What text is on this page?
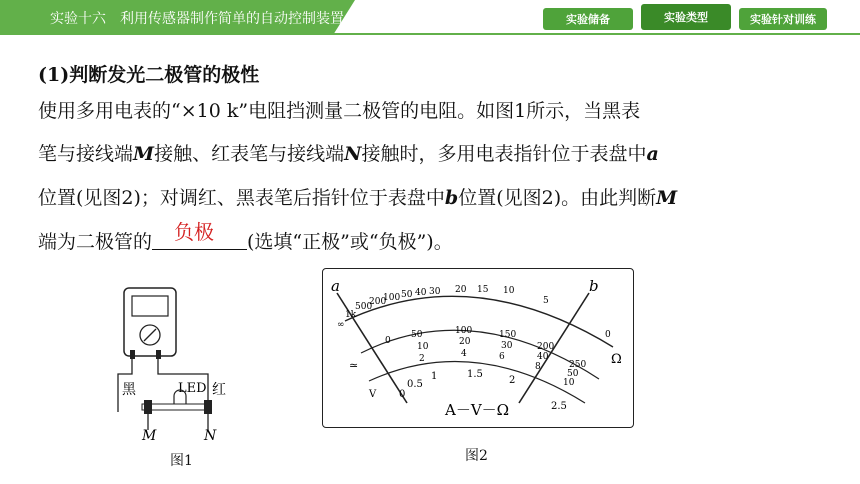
实验十六　利用传感器制作简单的自动控制装置	实验储备	实验类型	实验针对训练
(1)判断发光二极管的极性
使用多用电表的“×10 k”电阻挡测量二极管的电阻。如图1所示，当黑表
笔与接线端M接触、红表笔与接线端N接触时，多用电表指针位于表盘中a
位置(见图2)；对调红、黑表笔后指针位于表盘中b位置(见图2)。由此判断M
端为二极管的 负极 (选填“正极”或“负极”)。
黑	红
LED
M	N
图1
a	b
∞
1k
500
200
100 50 40 30 20 15 10
5
0
Ω
0
50	100	150
200
250
10	20	30
40
50
2	4	6
8
10
0
0.5
1	1.5
2
2.5
≃
V
A－V－Ω
图2
